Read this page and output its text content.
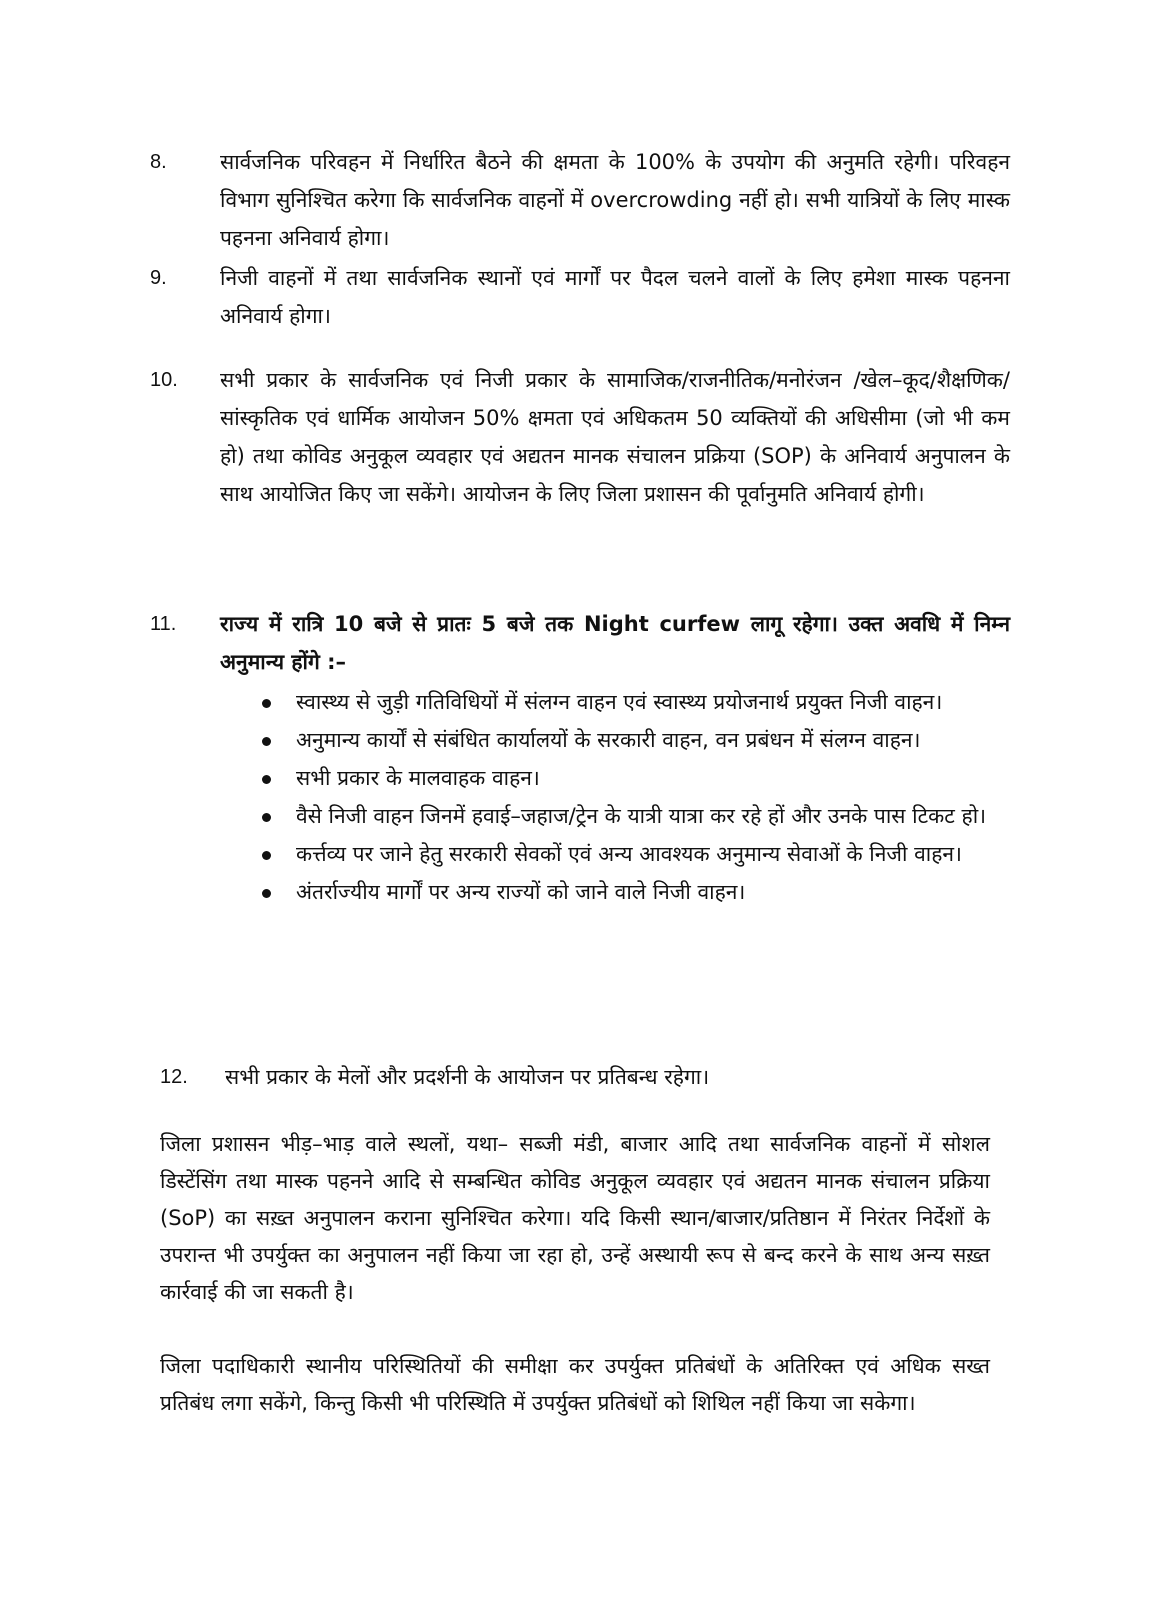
8.	सार्वजनिक परिवहन में निर्धारित बैठने की क्षमता के 100% के उपयोग की अनुमति रहेगी। परिवहन विभाग सुनिश्चित करेगा कि सार्वजनिक वाहनों में overcrowding नहीं हो। सभी यात्रियों के लिए मास्क पहनना अनिवार्य होगा।
9.	निजी वाहनों में तथा सार्वजनिक स्थानों एवं मार्गों पर पैदल चलने वालों के लिए हमेशा मास्क पहनना अनिवार्य होगा।
10. सभी प्रकार के सार्वजनिक एवं निजी प्रकार के सामाजिक/राजनीतिक/मनोरंजन /खेल–कूद/शैक्षणिक/सांस्कृतिक एवं धार्मिक आयोजन 50% क्षमता एवं अधिकतम 50 व्यक्तियों की अधिसीमा (जो भी कम हो) तथा कोविड अनुकूल व्यवहार एवं अद्यतन मानक संचालन प्रक्रिया (SOP) के अनिवार्य अनुपालन के साथ आयोजित किए जा सकेंगे। आयोजन के लिए जिला प्रशासन की पूर्वानुमति अनिवार्य होगी।
11. राज्य में रात्रि 10 बजे से प्रातः 5 बजे तक Night curfew लागू रहेगा। उक्त अवधि में निम्न अनुमान्य होंगे :–
स्वास्थ्य से जुड़ी गतिविधियों में संलग्न वाहन एवं स्वास्थ्य प्रयोजनार्थ प्रयुक्त निजी वाहन।
अनुमान्य कार्यों से संबंधित कार्यालयों के सरकारी वाहन, वन प्रबंधन में संलग्न वाहन।
सभी प्रकार के मालवाहक वाहन।
वैसे निजी वाहन जिनमें हवाई–जहाज/ट्रेन के यात्री यात्रा कर रहे हों और उनके पास टिकट हो।
कर्त्तव्य पर जाने हेतु सरकारी सेवकों एवं अन्य आवश्यक अनुमान्य सेवाओं के निजी वाहन।
अंतर्राज्यीय मार्गों पर अन्य राज्यों को जाने वाले निजी वाहन।
12. सभी प्रकार के मेलों और प्रदर्शनी के आयोजन पर प्रतिबन्ध रहेगा।
जिला प्रशासन भीड़–भाड़ वाले स्थलों, यथा– सब्जी मंडी, बाजार आदि तथा सार्वजनिक वाहनों में सोशल डिस्टेंसिंग तथा मास्क पहनने आदि से सम्बन्धित कोविड अनुकूल व्यवहार एवं अद्यतन मानक संचालन प्रक्रिया (SoP) का सख़्त अनुपालन कराना सुनिश्चित करेगा। यदि किसी स्थान/बाजार/प्रतिष्ठान में निरंतर निर्देशों के उपरान्त भी उपर्युक्त का अनुपालन नहीं किया जा रहा हो, उन्हें अस्थायी रूप से बन्द करने के साथ अन्य सख़्त कार्रवाई की जा सकती है।
जिला पदाधिकारी स्थानीय परिस्थितियों की समीक्षा कर उपर्युक्त प्रतिबंधों के अतिरिक्त एवं अधिक सख्त प्रतिबंध लगा सकेंगे, किन्तु किसी भी परिस्थिति में उपर्युक्त प्रतिबंधों को शिथिल नहीं किया जा सकेगा।
